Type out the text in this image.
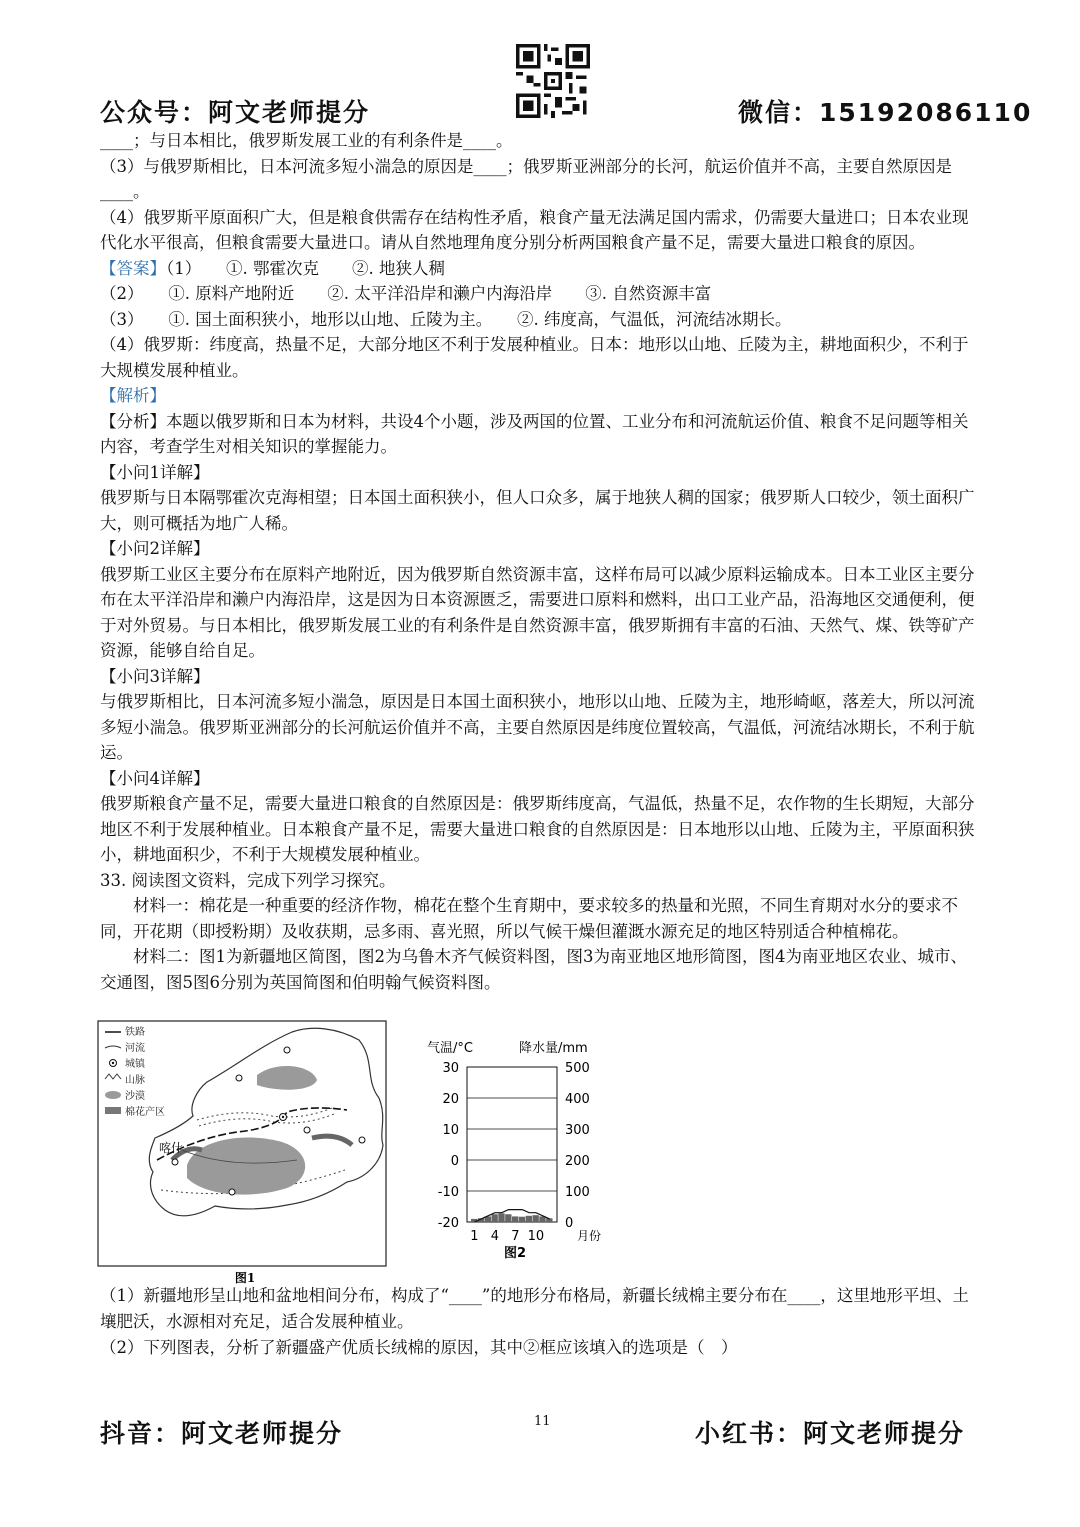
公众号：阿文老师提分	微信：15192086110

____；与日本相比，俄罗斯发展工业的有利条件是____。

（3）与俄罗斯相比，日本河流多短小湍急的原因是____；俄罗斯亚洲部分的长河，航运价值并不高，主要自然原因是____。

（4）俄罗斯平原面积广大，但是粮食供需存在结构性矛盾，粮食产量无法满足国内需求，仍需要大量进口；日本农业现代化水平很高，但粮食需要大量进口。请从自然地理角度分别分析两国粮食产量不足，需要大量进口粮食的原因。

【答案】（1）　　①. 鄂霍次克　　②. 地狭人稠

（2）　　①. 原料产地附近　　②. 太平洋沿岸和濑户内海沿岸　　③. 自然资源丰富

（3）　　①. 国土面积狭小，地形以山地、丘陵为主。　　②. 纬度高，气温低，河流结冰期长。

（4）俄罗斯：纬度高，热量不足，大部分地区不利于发展种植业。日本：地形以山地、丘陵为主，耕地面积少，不利于大规模发展种植业。

【解析】

【分析】本题以俄罗斯和日本为材料，共设4个小题，涉及两国的位置、工业分布和河流航运价值、粮食不足问题等相关内容，考查学生对相关知识的掌握能力。

【小问1详解】

俄罗斯与日本隔鄂霍次克海相望；日本国土面积狭小，但人口众多，属于地狭人稠的国家；俄罗斯人口较少，领土面积广大，则可概括为地广人稀。

【小问2详解】

俄罗斯工业区主要分布在原料产地附近，因为俄罗斯自然资源丰富，这样布局可以减少原料运输成本。日本工业区主要分布在太平洋沿岸和濑户内海沿岸，这是因为日本资源匮乏，需要进口原料和燃料，出口工业产品，沿海地区交通便利，便于对外贸易。与日本相比，俄罗斯发展工业的有利条件是自然资源丰富，俄罗斯拥有丰富的石油、天然气、煤、铁等矿产资源，能够自给自足。

【小问3详解】

与俄罗斯相比，日本河流多短小湍急，原因是日本国土面积狭小，地形以山地、丘陵为主，地形崎岖，落差大，所以河流多短小湍急。俄罗斯亚洲部分的长河航运价值并不高，主要自然原因是纬度位置较高，气温低，河流结冰期长，不利于航运。

【小问4详解】

俄罗斯粮食产量不足，需要大量进口粮食的自然原因是：俄罗斯纬度高，气温低，热量不足，农作物的生长期短，大部分地区不利于发展种植业。日本粮食产量不足，需要大量进口粮食的自然原因是：日本地形以山地、丘陵为主，平原面积狭小，耕地面积少，不利于大规模发展种植业。

33. 阅读图文资料，完成下列学习探究。

材料一：棉花是一种重要的经济作物，棉花在整个生育期中，要求较多的热量和光照，不同生育期对水分的要求不同，开花期（即授粉期）及收获期，忌多雨、喜光照，所以气候干燥但灌溉水源充足的地区特别适合种植棉花。

材料二：图1为新疆地区简图，图2为乌鲁木齐气候资料图，图3为南亚地区地形简图，图4为南亚地区农业、城市、交通图，图5图6分别为英国简图和伯明翰气候资料图。

喀什
铁路
河流
城镇
山脉
沙漠
棉花产区
图1
气温/°C	降水量/mm
30
20
10
0
-10
-20
500
400
300
200
100
0
1 4 7 10	月份
图2

（1）新疆地形呈山地和盆地相间分布，构成了“____”的地形分布格局，新疆长绒棉主要分布在____，这里地形平坦、土壤肥沃，水源相对充足，适合发展种植业。

（2）下列图表，分析了新疆盛产优质长绒棉的原因，其中②框应该填入的选项是（　）

抖音：阿文老师提分	11	小红书：阿文老师提分
